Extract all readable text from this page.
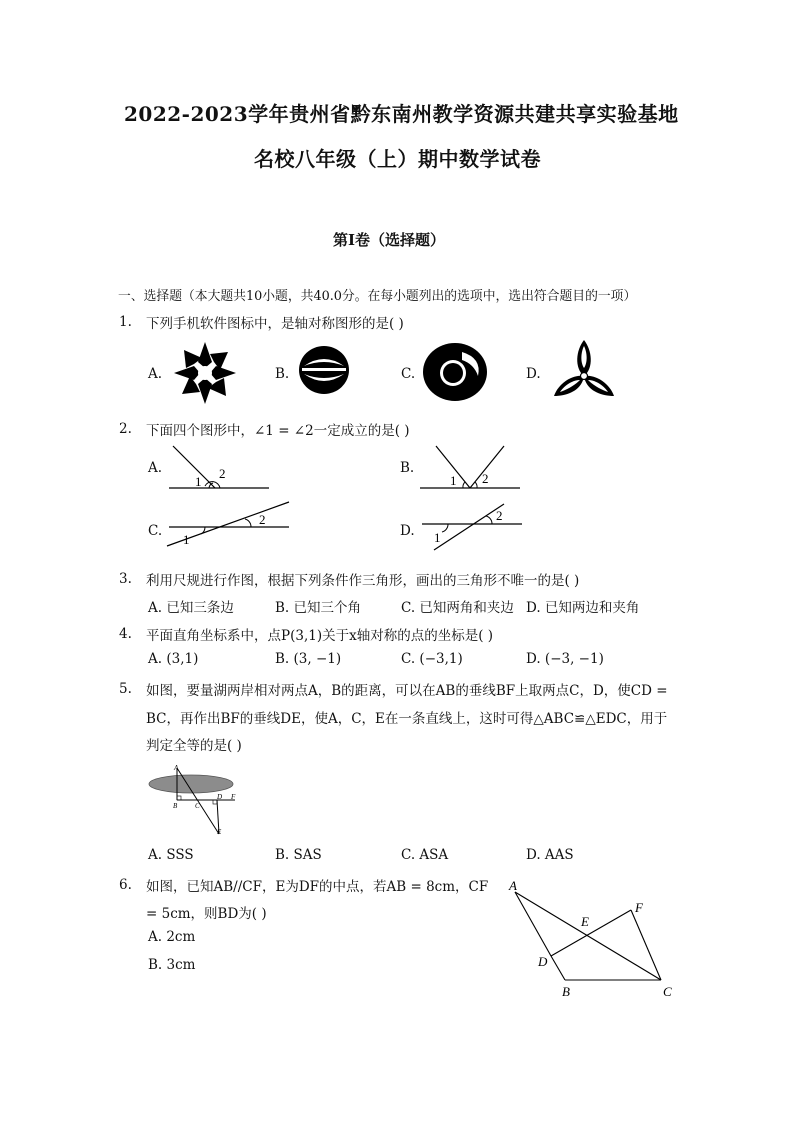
2022-2023学年贵州省黔东南州教学资源共建共享实验基地
名校八年级（上）期中数学试卷
第I卷（选择题）
一、选择题（本大题共10小题，共40.0分。在每小题列出的选项中，选出符合题目的一项）
1. 下列手机软件图标中，是轴对称图形的是( )
A.	B.	C.	D.
2. 下面四个图形中，∠1 = ∠2一定成立的是( )
A.	B.
C.	D.
1
2	1 2
1
2
1
2
3. 利用尺规进行作图，根据下列条件作三角形，画出的三角形不唯一的是( )
A. 已知三条边	B. 已知三个角	C. 已知两角和夹边 D. 已知两边和夹角
4. 平面直角坐标系中，点P(3,1)关于x轴对称的点的坐标是( )
A. (3,1)	B. (3, −1)	C. (−3,1)	D. (−3, −1)
5. 如图，要量湖两岸相对两点A，B的距离，可以在AB的垂线BF上取两点C，D，使CD =
BC，再作出BF的垂线DE，使A，C，E在一条直线上，这时可得△ABC≌△EDC，用于
判定全等的是( )
A
B	C
D F
E
A. SSS	B. SAS	C. ASA	D. AAS
6. 如图，已知AB//CF，E为DF的中点，若AB = 8cm，CF
= 5cm，则BD为( )
A. 2cm
B. 3cm
A
E
F
D
B	C
